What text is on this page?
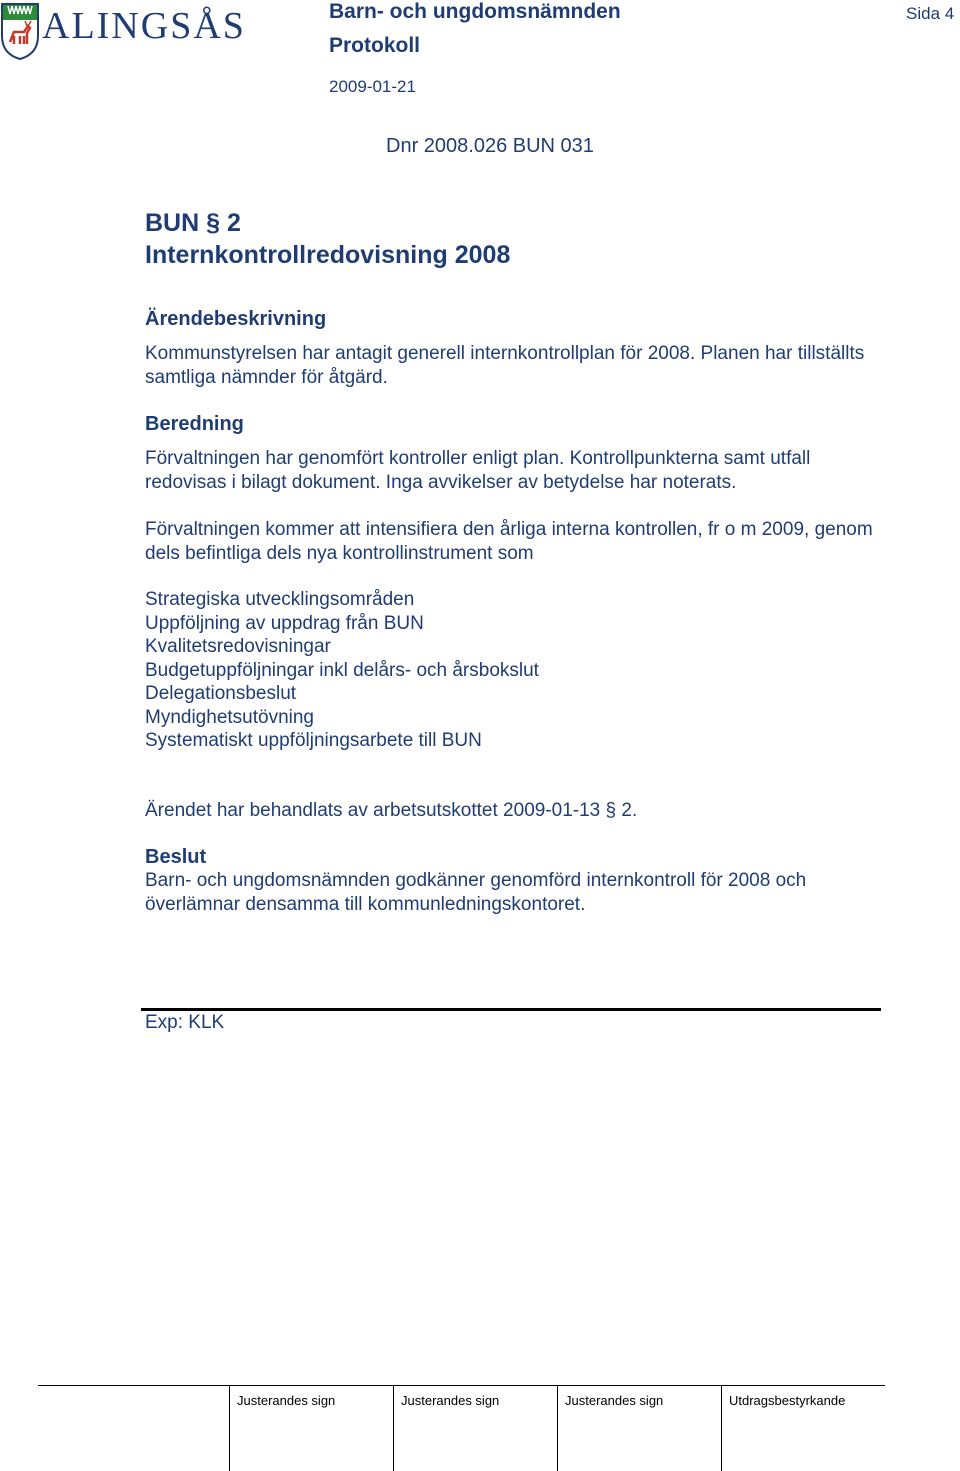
ALINGSÅS	Barn- och ungdomsnämnden
Protokoll
2009-01-21
Sida 4
Dnr 2008.026 BUN 031
BUN § 2
Internkontrollredovisning 2008
Ärendebeskrivning
Kommunstyrelsen har antagit generell internkontrollplan för 2008. Planen har tillställts samtliga nämnder för åtgärd.
Beredning
Förvaltningen har genomfört kontroller enligt plan. Kontrollpunkterna samt utfall redovisas i bilagt dokument. Inga avvikelser av betydelse har noterats.
Förvaltningen kommer att intensifiera den årliga interna kontrollen, fr o m 2009, genom dels befintliga dels nya kontrollinstrument som
Strategiska utvecklingsområden
Uppföljning av uppdrag från BUN
Kvalitetsredovisningar
Budgetuppföljningar inkl delårs- och årsbokslut
Delegationsbeslut
Myndighetsutövning
Systematiskt uppföljningsarbete till BUN
Ärendet har behandlats av arbetsutskottet 2009-01-13 § 2.
Beslut
Barn- och ungdomsnämnden godkänner genomförd internkontroll för 2008 och överlämnar densamma till kommunledningskontoret.
Exp: KLK
Justerandes sign	Justerandes sign	Justerandes sign	Utdragsbestyrkande
